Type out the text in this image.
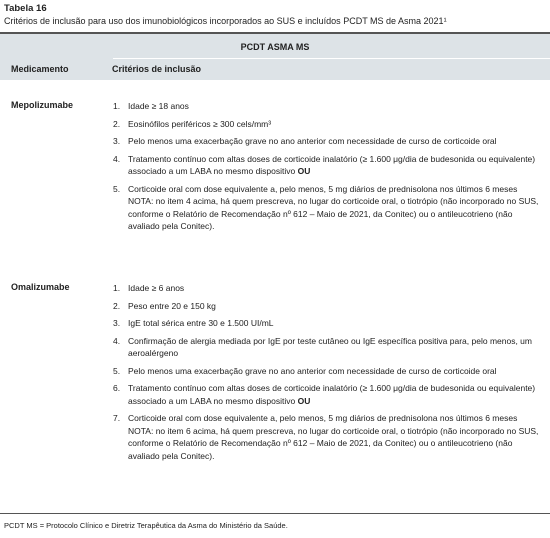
Tabela 16
Critérios de inclusão para uso dos imunobiológicos incorporados ao SUS e incluídos PCDT MS de Asma 2021¹
PCDT ASMA MS
Medicamento	Critérios de inclusão
Mepolizumabe	1. Idade ≥ 18 anos
2. Eosinófilos periféricos ≥ 300 cels/mm³
3. Pelo menos uma exacerbação grave no ano anterior com necessidade de curso de corticoide oral
4. Tratamento contínuo com altas doses de corticoide inalatório (≥ 1.600 μg/dia de budesonida ou equivalente) associado a um LABA no mesmo dispositivo OU
5. Corticoide oral com dose equivalente a, pelo menos, 5 mg diários de prednisolona nos últimos 6 meses NOTA: no item 4 acima, há quem prescreva, no lugar do corticoide oral, o tiotrópio (não incorporado no SUS, conforme o Relatório de Recomendação nº 612 – Maio de 2021, da Conitec) ou o antileucotrieno (não avaliado pela Conitec).
Omalizumabe	1. Idade ≥ 6 anos
2. Peso entre 20 e 150 kg
3. IgE total sérica entre 30 e 1.500 UI/mL
4. Confirmação de alergia mediada por IgE por teste cutâneo ou IgE específica positiva para, pelo menos, um aeroalérgeno
5. Pelo menos uma exacerbação grave no ano anterior com necessidade de curso de corticoide oral
6. Tratamento contínuo com altas doses de corticoide inalatório (≥ 1.600 μg/dia de budesonida ou equivalente) associado a um LABA no mesmo dispositivo OU
7. Corticoide oral com dose equivalente a, pelo menos, 5 mg diários de prednisolona nos últimos 6 meses NOTA: no item 6 acima, há quem prescreva, no lugar do corticoide oral, o tiotrópio (não incorporado no SUS, conforme o Relatório de Recomendação nº 612 – Maio de 2021, da Conitec) ou o antileucotrieno (não avaliado pela Conitec).
PCDT MS = Protocolo Clínico e Diretriz Terapêutica da Asma do Ministério da Saúde.
